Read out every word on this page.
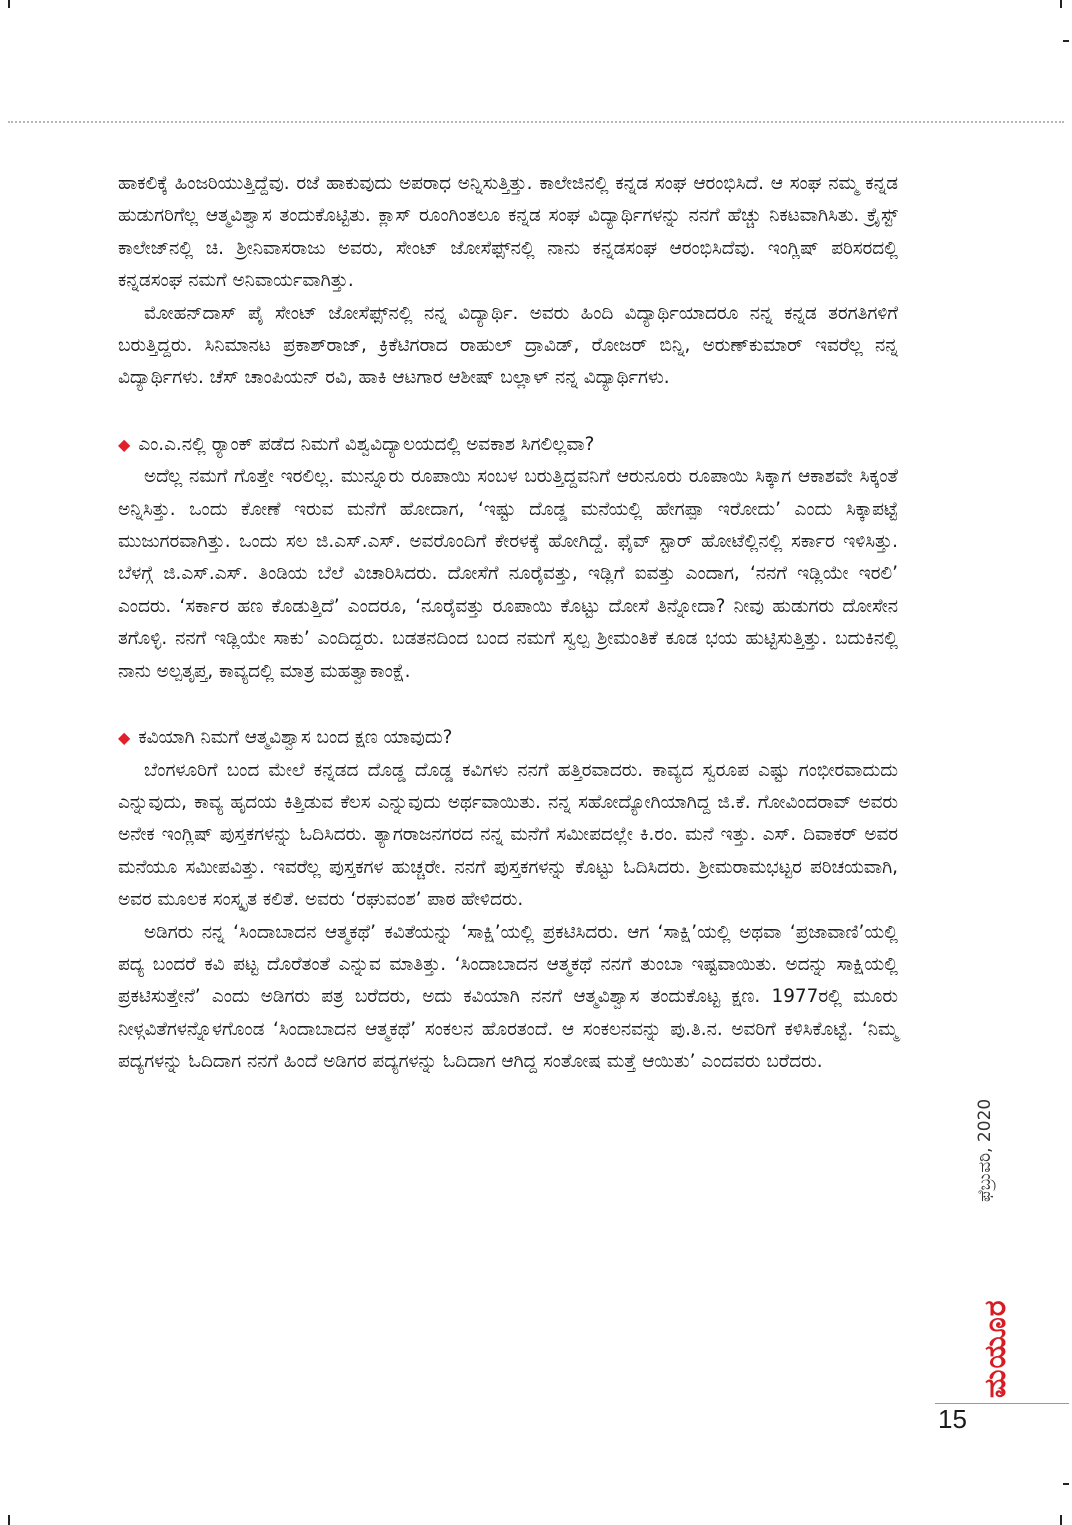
ಹಾಕಲಿಕ್ಕೆ ಹಿಂಜರಿಯುತ್ತಿದ್ದೆವು. ರಜೆ ಹಾಕುವುದು ಅಪರಾಧ ಅನ್ನಿಸುತ್ತಿತ್ತು. ಕಾಲೇಜಿನಲ್ಲಿ ಕನ್ನಡ ಸಂಘ ಆರಂಭಿಸಿದೆ. ಆ ಸಂಘ ನಮ್ಮ ಕನ್ನಡ ಹುಡುಗರಿಗೆಲ್ಲ ಆತ್ಮವಿಶ್ವಾಸ ತಂದುಕೊಟ್ಟಿತು. ಕ್ಲಾಸ್ ರೂಂಗಿಂತಲೂ ಕನ್ನಡ ಸಂಘ ವಿದ್ಯಾರ್ಥಿಗಳನ್ನು ನನಗೆ ಹೆಚ್ಚು ನಿಕಟವಾಗಿಸಿತು. ಕ್ರೈಸ್ಟ್ ಕಾಲೇಜ್‌ನಲ್ಲಿ ಚಿ. ಶ್ರೀನಿವಾಸರಾಜು ಅವರು, ಸೇಂಟ್ ಜೋಸೆಫ್ಸ್‌ನಲ್ಲಿ ನಾನು ಕನ್ನಡಸಂಘ ಆರಂಭಿಸಿದೆವು. ಇಂಗ್ಲಿಷ್ ಪರಿಸರದಲ್ಲಿ ಕನ್ನಡಸಂಘ ನಮಗೆ ಅನಿವಾರ್ಯವಾಗಿತ್ತು.

ಮೋಹನ್‌ದಾಸ್ ಪೈ ಸೇಂಟ್ ಜೋಸೆಫ್ಸ್‌ನಲ್ಲಿ ನನ್ನ ವಿದ್ಯಾರ್ಥಿ. ಅವರು ಹಿಂದಿ ವಿದ್ಯಾರ್ಥಿಯಾದರೂ ನನ್ನ ಕನ್ನಡ ತರಗತಿಗಳಿಗೆ ಬರುತ್ತಿದ್ದರು. ಸಿನಿಮಾನಟ ಪ್ರಕಾಶ್‌ರಾಜ್, ಕ್ರಿಕೆಟಿಗರಾದ ರಾಹುಲ್ ದ್ರಾವಿಡ್, ರೋಜರ್ ಬಿನ್ನಿ, ಅರುಣ್‌ಕುಮಾರ್ ಇವರೆಲ್ಲ ನನ್ನ ವಿದ್ಯಾರ್ಥಿಗಳು. ಚೆಸ್ ಚಾಂಪಿಯನ್ ರವಿ, ಹಾಕಿ ಆಟಗಾರ ಆಶೀಷ್ ಬಲ್ಲಾಳ್ ನನ್ನ ವಿದ್ಯಾರ್ಥಿಗಳು.

◆ ಎಂ.ಎ.ನಲ್ಲಿ ರ್‍ಯಾಂಕ್ ಪಡೆದ ನಿಮಗೆ ವಿಶ್ವವಿದ್ಯಾಲಯದಲ್ಲಿ ಅವಕಾಶ ಸಿಗಲಿಲ್ಲವಾ?

ಅದೆಲ್ಲ ನಮಗೆ ಗೊತ್ತೇ ಇರಲಿಲ್ಲ. ಮುನ್ನೂರು ರೂಪಾಯಿ ಸಂಬಳ ಬರುತ್ತಿದ್ದವನಿಗೆ ಆರುನೂರು ರೂಪಾಯಿ ಸಿಕ್ಕಾಗ ಆಕಾಶವೇ ಸಿಕ್ಕಂತೆ ಅನ್ನಿಸಿತ್ತು. ಒಂದು ಕೋಣೆ ಇರುವ ಮನೆಗೆ ಹೋದಾಗ, ‘ಇಷ್ಟು ದೊಡ್ಡ ಮನೆಯಲ್ಲಿ ಹೇಗಪ್ಪಾ ಇರೋದು’ ಎಂದು ಸಿಕ್ಕಾಪಟ್ಟೆ ಮುಜುಗರವಾಗಿತ್ತು. ಒಂದು ಸಲ ಜಿ.ಎಸ್.ಎಸ್. ಅವರೊಂದಿಗೆ ಕೇರಳಕ್ಕೆ ಹೋಗಿದ್ದೆ. ಫೈವ್ ಸ್ಟಾರ್ ಹೋಟೆಲ್ಲಿನಲ್ಲಿ ಸರ್ಕಾರ ಇಳಿಸಿತ್ತು. ಬೆಳಗ್ಗೆ ಜಿ.ಎಸ್.ಎಸ್. ತಿಂಡಿಯ ಬೆಲೆ ವಿಚಾರಿಸಿದರು. ದೋಸೆಗೆ ನೂರೈವತ್ತು, ಇಡ್ಲಿಗೆ ಐವತ್ತು ಎಂದಾಗ, ‘ನನಗೆ ಇಡ್ಲಿಯೇ ಇರಲಿ’ ಎಂದರು. ‘ಸರ್ಕಾರ ಹಣ ಕೊಡುತ್ತಿದೆ’ ಎಂದರೂ, ‘ನೂರೈವತ್ತು ರೂಪಾಯಿ ಕೊಟ್ಟು ದೋಸೆ ತಿನ್ನೋದಾ? ನೀವು ಹುಡುಗರು ದೋಸೇನ ತಗೊಳ್ಳಿ. ನನಗೆ ಇಡ್ಲಿಯೇ ಸಾಕು’ ಎಂದಿದ್ದರು. ಬಡತನದಿಂದ ಬಂದ ನಮಗೆ ಸ್ವಲ್ಪ ಶ್ರೀಮಂತಿಕೆ ಕೂಡ ಭಯ ಹುಟ್ಟಿಸುತ್ತಿತ್ತು. ಬದುಕಿನಲ್ಲಿ ನಾನು ಅಲ್ಪತೃಪ್ತ, ಕಾವ್ಯದಲ್ಲಿ ಮಾತ್ರ ಮಹತ್ವಾಕಾಂಕ್ಷೆ.

◆ ಕವಿಯಾಗಿ ನಿಮಗೆ ಆತ್ಮವಿಶ್ವಾಸ ಬಂದ ಕ್ಷಣ ಯಾವುದು?

ಬೆಂಗಳೂರಿಗೆ ಬಂದ ಮೇಲೆ ಕನ್ನಡದ ದೊಡ್ಡ ದೊಡ್ಡ ಕವಿಗಳು ನನಗೆ ಹತ್ತಿರವಾದರು. ಕಾವ್ಯದ ಸ್ವರೂಪ ಎಷ್ಟು ಗಂಭೀರವಾದುದು ಎನ್ನುವುದು, ಕಾವ್ಯ ಹೃದಯ ಕಿತ್ತಿಡುವ ಕೆಲಸ ಎನ್ನುವುದು ಅರ್ಥವಾಯಿತು. ನನ್ನ ಸಹೋದ್ಯೋಗಿಯಾಗಿದ್ದ ಜಿ.ಕೆ. ಗೋವಿಂದರಾವ್ ಅವರು ಅನೇಕ ಇಂಗ್ಲಿಷ್ ಪುಸ್ತಕಗಳನ್ನು ಓದಿಸಿದರು. ತ್ಯಾಗರಾಜನಗರದ ನನ್ನ ಮನೆಗೆ ಸಮೀಪದಲ್ಲೇ ಕಿ.ರಂ. ಮನೆ ಇತ್ತು. ಎಸ್. ದಿವಾಕರ್ ಅವರ ಮನೆಯೂ ಸಮೀಪವಿತ್ತು. ಇವರೆಲ್ಲ ಪುಸ್ತಕಗಳ ಹುಚ್ಚರೇ. ನನಗೆ ಪುಸ್ತಕಗಳನ್ನು ಕೊಟ್ಟು ಓದಿಸಿದರು. ಶ್ರೀಮರಾಮಭಟ್ಟರ ಪರಿಚಯವಾಗಿ, ಅವರ ಮೂಲಕ ಸಂಸ್ಕೃತ ಕಲಿತೆ. ಅವರು ‘ರಘುವಂಶ’ ಪಾಠ ಹೇಳಿದರು.

ಅಡಿಗರು ನನ್ನ ‘ಸಿಂದಾಬಾದನ ಆತ್ಮಕಥೆ’ ಕವಿತೆಯನ್ನು ‘ಸಾಕ್ಷಿ’ಯಲ್ಲಿ ಪ್ರಕಟಿಸಿದರು. ಆಗ ‘ಸಾಕ್ಷಿ’ಯಲ್ಲಿ ಅಥವಾ ‘ಪ್ರಜಾವಾಣಿ’ಯಲ್ಲಿ ಪದ್ಯ ಬಂದರೆ ಕವಿ ಪಟ್ಟ ದೊರೆತಂತೆ ಎನ್ನುವ ಮಾತಿತ್ತು. ‘ಸಿಂದಾಬಾದನ ಆತ್ಮಕಥೆ ನನಗೆ ತುಂಬಾ ಇಷ್ಟವಾಯಿತು. ಅದನ್ನು ಸಾಕ್ಷಿಯಲ್ಲಿ ಪ್ರಕಟಿಸುತ್ತೇನೆ’ ಎಂದು ಅಡಿಗರು ಪತ್ರ ಬರೆದರು, ಅದು ಕವಿಯಾಗಿ ನನಗೆ ಆತ್ಮವಿಶ್ವಾಸ ತಂದುಕೊಟ್ಟ ಕ್ಷಣ. 1977ರಲ್ಲಿ ಮೂರು ನೀಳ್ಗವಿತೆಗಳನ್ನೊಳಗೊಂಡ ‘ಸಿಂದಾಬಾದನ ಆತ್ಮಕಥೆ’ ಸಂಕಲನ ಹೊರತಂದೆ. ಆ ಸಂಕಲನವನ್ನು ಪು.ತಿ.ನ. ಅವರಿಗೆ ಕಳಿಸಿಕೊಟ್ಟೆ. ‘ನಿಮ್ಮ ಪದ್ಯಗಳನ್ನು ಓದಿದಾಗ ನನಗೆ ಹಿಂದೆ ಅಡಿಗರ ಪದ್ಯಗಳನ್ನು ಓದಿದಾಗ ಆಗಿದ್ದ ಸಂತೋಷ ಮತ್ತೆ ಆಯಿತು’ ಎಂದವರು ಬರೆದರು.

ಫೆಬ್ರುವರಿ, 2020
ಮಯೂರ
15
